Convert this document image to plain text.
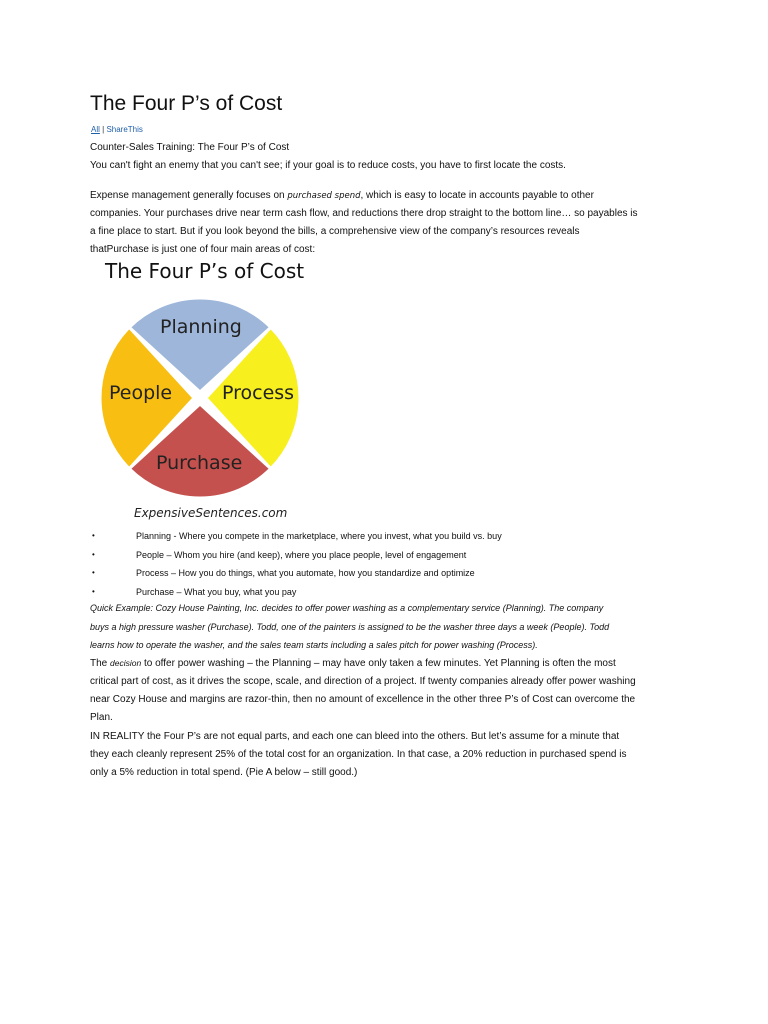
The Four P’s of Cost
All | ShareThis
Counter-Sales Training: The Four P’s of Cost
You can't fight an enemy that you can't see; if your goal is to reduce costs, you have to first locate the costs.
Expense management generally focuses on purchased spend, which is easy to locate in accounts payable to other
companies. Your purchases drive near term cash flow, and reductions there drop straight to the bottom line… so payables is
a fine place to start. But if you look beyond the bills, a comprehensive view of the company’s resources reveals
thatPurchase is just one of four main areas of cost:
The Four P’s of Cost
Planning
Process
Purchase
People
ExpensiveSentences.com
•	Planning - Where you compete in the marketplace, where you invest, what you build vs. buy
•	People – Whom you hire (and keep), where you place people, level of engagement
•	Process – How you do things, what you automate, how you standardize and optimize
•	Purchase – What you buy, what you pay
Quick Example: Cozy House Painting, Inc. decides to offer power washing as a complementary service (Planning). The company
buys a high pressure washer (Purchase). Todd, one of the painters is assigned to be the washer three days a week (People). Todd
learns how to operate the washer, and the sales team starts including a sales pitch for power washing (Process).
The decision to offer power washing – the Planning – may have only taken a few minutes. Yet Planning is often the most
critical part of cost, as it drives the scope, scale, and direction of a project. If twenty companies already offer power washing
near Cozy House and margins are razor-thin, then no amount of excellence in the other three P’s of Cost can overcome the
Plan.
IN REALITY the Four P’s are not equal parts, and each one can bleed into the others. But let’s assume for a minute that
they each cleanly represent 25% of the total cost for an organization. In that case, a 20% reduction in purchased spend is
only a 5% reduction in total spend. (Pie A below – still good.)
